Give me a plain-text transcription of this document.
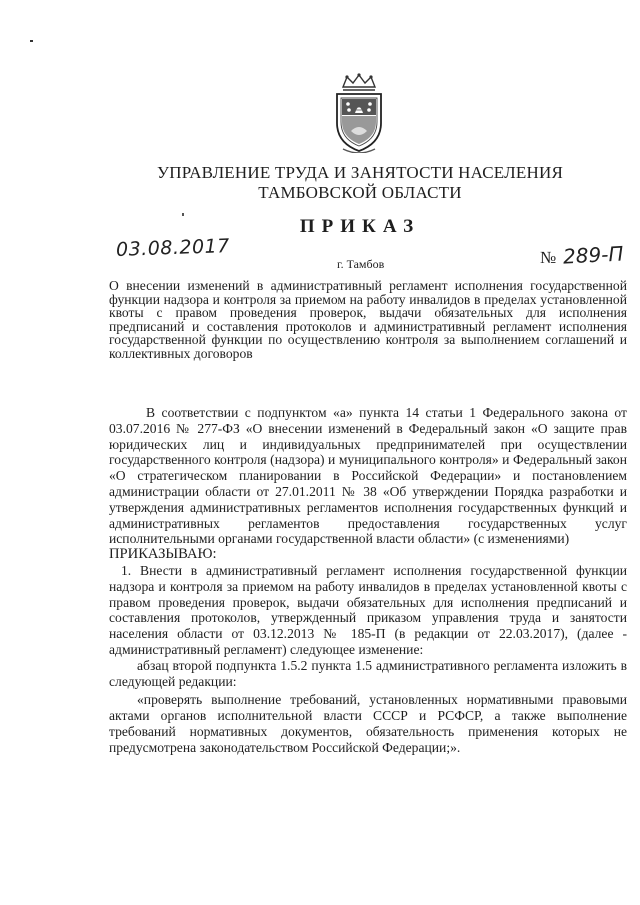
УПРАВЛЕНИЕ ТРУДА И ЗАНЯТОСТИ НАСЕЛЕНИЯ
ТАМБОВСКОЙ ОБЛАСТИ
ПРИКАЗ
03.08.2017
г. Тамбов	№ 289-П
О внесении изменений в административный регламент исполнения государственной функции надзора и контроля за приемом на работу инвалидов в пределах установленной квоты с правом проведения проверок, выдачи обязательных для исполнения предписаний и составления протоколов и административный регламент исполнения государственной функции по осуществлению контроля за выполнением соглашений и коллективных договоров

В соответствии с подпунктом «а» пункта 14 статьи 1 Федерального закона от 03.07.2016 № 277-ФЗ «О внесении изменений в Федеральный закон «О защите прав юридических лиц и индивидуальных предпринимателей при осуществлении государственного контроля (надзора) и муниципального контроля» и Федеральный закон «О стратегическом планировании в Российской Федерации» и постановлением администрации области от 27.01.2011 № 38 «Об утверждении Порядка разработки и утверждения административных регламентов исполнения государственных функций и административных регламентов предоставления государственных услуг исполнительными органами государственной власти области» (с изменениями)

ПРИКАЗЫВАЮ:

1. Внести в административный регламент исполнения государственной функции надзора и контроля за приемом на работу инвалидов в пределах установленной квоты с правом проведения проверок, выдачи обязательных для исполнения предписаний и составления протоколов, утвержденный приказом управления труда и занятости населения области от 03.12.2013 № 185-П (в редакции от 22.03.2017), (далее - административный регламент) следующее изменение:

абзац второй подпункта 1.5.2 пункта 1.5 административного регламента изложить в следующей редакции:

«проверять выполнение требований, установленных нормативными правовыми актами органов исполнительной власти СССР и РСФСР, а также выполнение требований нормативных документов, обязательность применения которых не предусмотрена законодательством Российской Федерации;».
